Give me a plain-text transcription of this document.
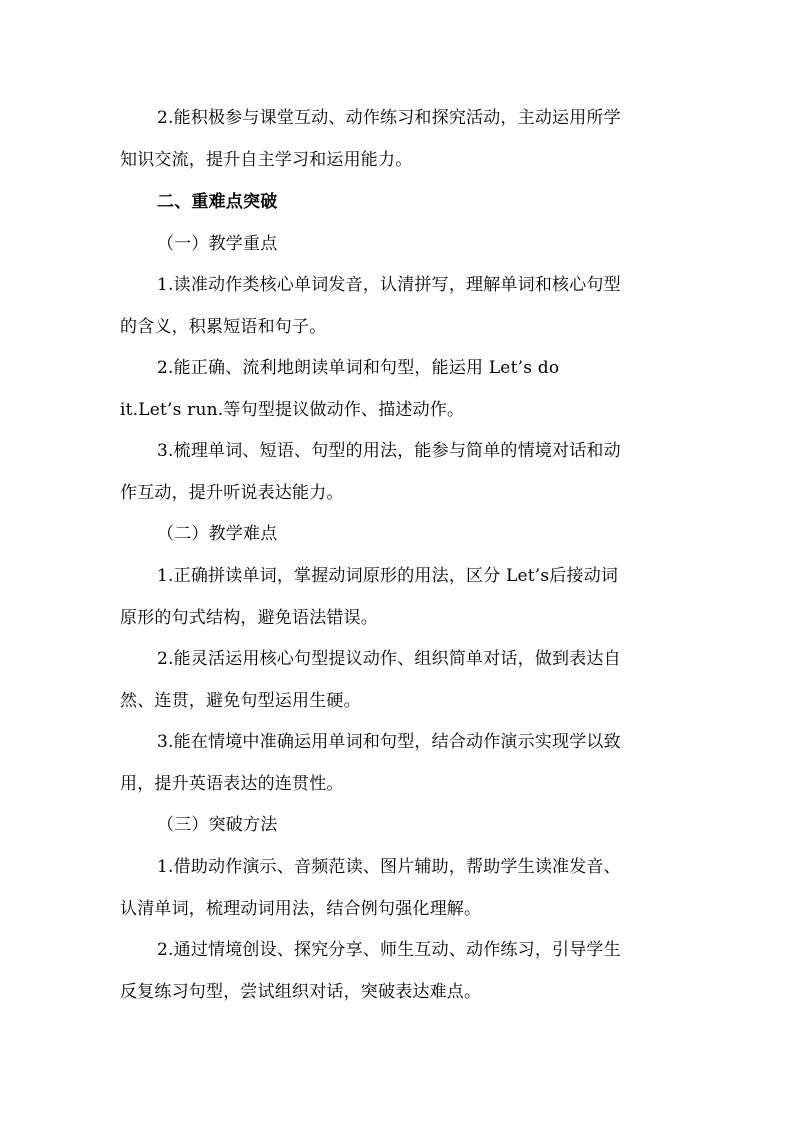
2.能积极参与课堂互动、动作练习和探究活动，主动运用所学
知识交流，提升自主学习和运用能力。
二、重难点突破
（一）教学重点
1.读准动作类核心单词发音，认清拼写，理解单词和核心句型
的含义，积累短语和句子。
2.能正确、流利地朗读单词和句型，能运用 Let’s do
it.Let’s run.等句型提议做动作、描述动作。
3.梳理单词、短语、句型的用法，能参与简单的情境对话和动
作互动，提升听说表达能力。
（二）教学难点
1.正确拼读单词，掌握动词原形的用法，区分 Let’s后接动词
原形的句式结构，避免语法错误。
2.能灵活运用核心句型提议动作、组织简单对话，做到表达自
然、连贯，避免句型运用生硬。
3.能在情境中准确运用单词和句型，结合动作演示实现学以致
用，提升英语表达的连贯性。
（三）突破方法
1.借助动作演示、音频范读、图片辅助，帮助学生读准发音、
认清单词，梳理动词用法，结合例句强化理解。
2.通过情境创设、探究分享、师生互动、动作练习，引导学生
反复练习句型，尝试组织对话，突破表达难点。
